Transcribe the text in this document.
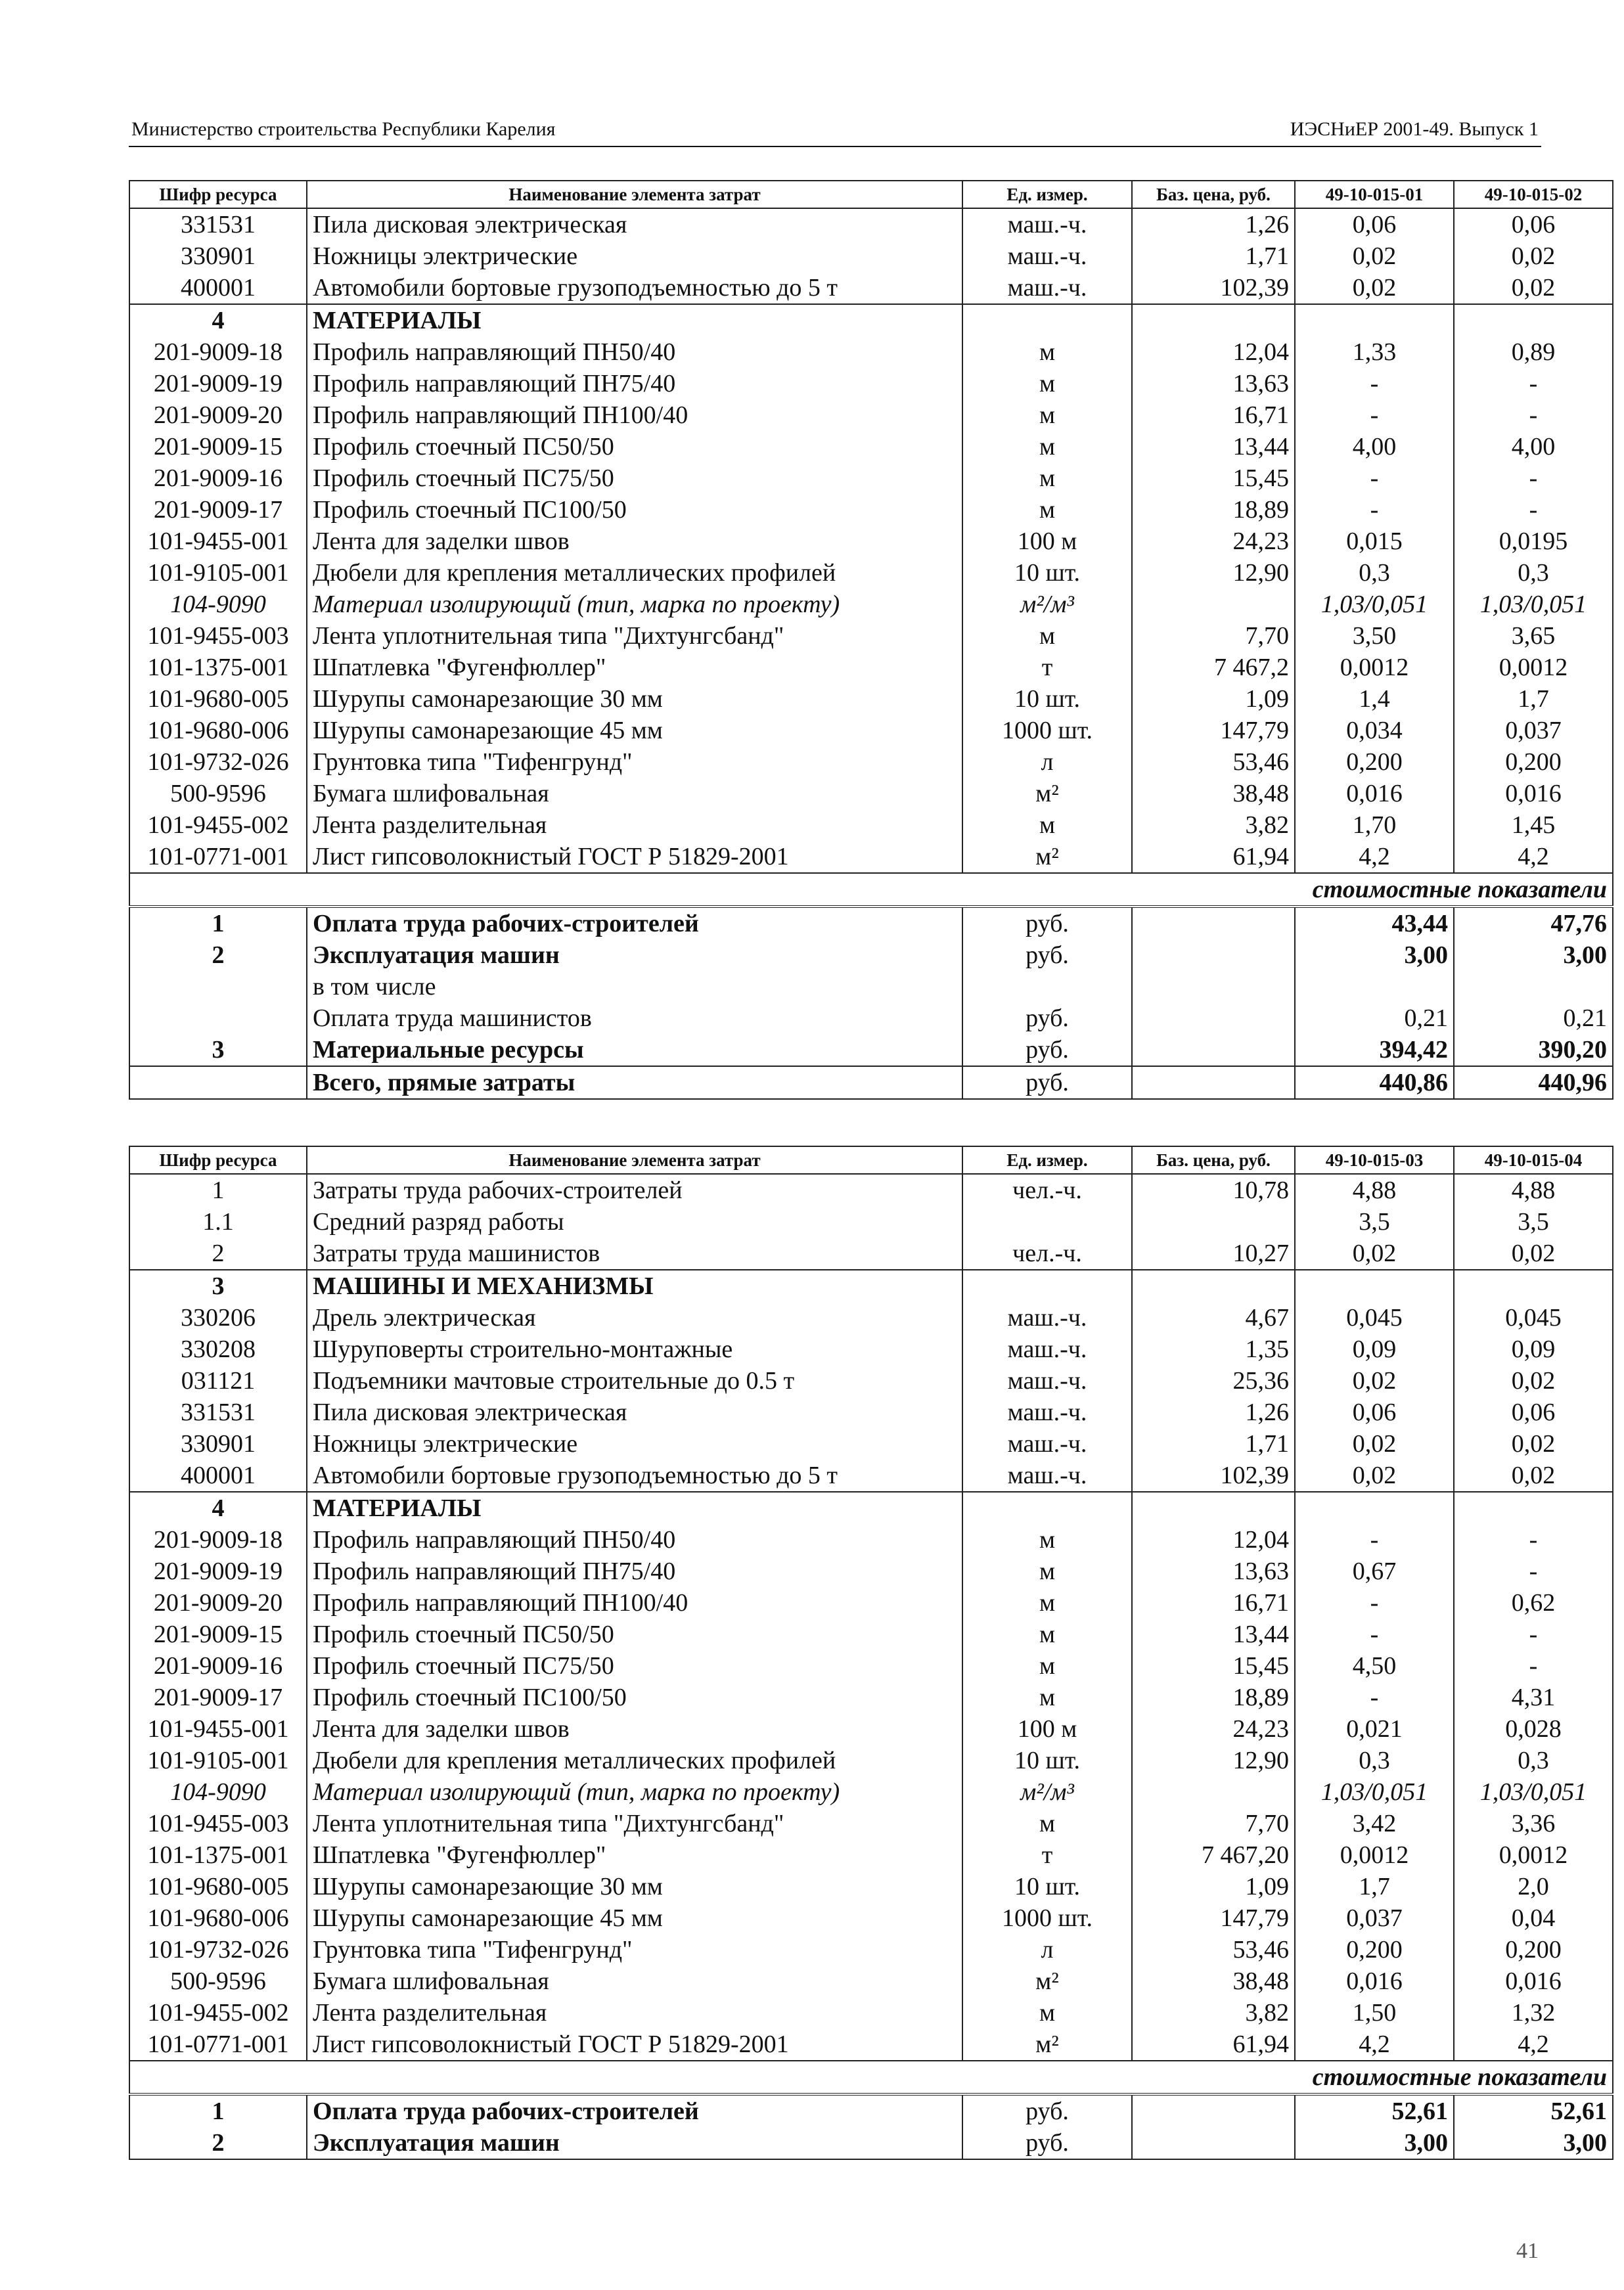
Министерство строительства Республики Карелия	ИЭСНиЕР 2001-49. Выпуск 1
Шифр ресурса	Наименование элемента затрат	Ед. измер.	Баз. цена, руб.	49-10-015-01	49-10-015-02
331531	Пила дисковая электрическая	маш.-ч.	1,26	0,06	0,06
330901	Ножницы электрические	маш.-ч.	1,71	0,02	0,02
400001	Автомобили бортовые грузоподъемностью до 5 т	маш.-ч.	102,39	0,02	0,02
4	МАТЕРИАЛЫ				
201-9009-18	Профиль направляющий ПН50/40	м	12,04	1,33	0,89
201-9009-19	Профиль направляющий ПН75/40	м	13,63	-	-
201-9009-20	Профиль направляющий ПН100/40	м	16,71	-	-
201-9009-15	Профиль стоечный ПС50/50	м	13,44	4,00	4,00
201-9009-16	Профиль стоечный ПС75/50	м	15,45	-	-
201-9009-17	Профиль стоечный ПС100/50	м	18,89	-	-
101-9455-001	Лента для заделки швов	100 м	24,23	0,015	0,0195
101-9105-001	Дюбели для крепления металлических профилей	10 шт.	12,90	0,3	0,3
104-9090	Материал изолирующий (тип, марка по проекту)	м²/м³		1,03/0,051	1,03/0,051
101-9455-003	Лента уплотнительная типа "Дихтунгсбанд"	м	7,70	3,50	3,65
101-1375-001	Шпатлевка "Фугенфюллер"	т	7 467,2	0,0012	0,0012
101-9680-005	Шурупы самонарезающие 30 мм	10 шт.	1,09	1,4	1,7
101-9680-006	Шурупы самонарезающие 45 мм	1000 шт.	147,79	0,034	0,037
101-9732-026	Грунтовка типа "Тифенгрунд"	л	53,46	0,200	0,200
500-9596	Бумага шлифовальная	м²	38,48	0,016	0,016
101-9455-002	Лента разделительная	м	3,82	1,70	1,45
101-0771-001	Лист гипсоволокнистый ГОСТ Р 51829-2001	м²	61,94	4,2	4,2
стоимостные показатели					
1	Оплата труда рабочих-строителей	руб.		43,44	47,76
2	Эксплуатация машин	руб.		3,00	3,00
	в том числе				
	Оплата труда машинистов	руб.		0,21	0,21
3	Материальные ресурсы	руб.		394,42	390,20
	Всего, прямые затраты	руб.		440,86	440,96
Шифр ресурса	Наименование элемента затрат	Ед. измер.	Баз. цена, руб.	49-10-015-03	49-10-015-04
1	Затраты труда рабочих-строителей	чел.-ч.	10,78	4,88	4,88
1.1	Средний разряд работы			3,5	3,5
2	Затраты труда машинистов	чел.-ч.	10,27	0,02	0,02
3	МАШИНЫ И МЕХАНИЗМЫ				
330206	Дрель электрическая	маш.-ч.	4,67	0,045	0,045
330208	Шуруповерты строительно-монтажные	маш.-ч.	1,35	0,09	0,09
031121	Подъемники мачтовые строительные до 0.5 т	маш.-ч.	25,36	0,02	0,02
331531	Пила дисковая электрическая	маш.-ч.	1,26	0,06	0,06
330901	Ножницы электрические	маш.-ч.	1,71	0,02	0,02
400001	Автомобили бортовые грузоподъемностью до 5 т	маш.-ч.	102,39	0,02	0,02
4	МАТЕРИАЛЫ				
201-9009-18	Профиль направляющий ПН50/40	м	12,04	-	-
201-9009-19	Профиль направляющий ПН75/40	м	13,63	0,67	-
201-9009-20	Профиль направляющий ПН100/40	м	16,71	-	0,62
201-9009-15	Профиль стоечный ПС50/50	м	13,44	-	-
201-9009-16	Профиль стоечный ПС75/50	м	15,45	4,50	-
201-9009-17	Профиль стоечный ПС100/50	м	18,89	-	4,31
101-9455-001	Лента для заделки швов	100 м	24,23	0,021	0,028
101-9105-001	Дюбели для крепления металлических профилей	10 шт.	12,90	0,3	0,3
104-9090	Материал изолирующий (тип, марка по проекту)	м²/м³		1,03/0,051	1,03/0,051
101-9455-003	Лента уплотнительная типа "Дихтунгсбанд"	м	7,70	3,42	3,36
101-1375-001	Шпатлевка "Фугенфюллер"	т	7 467,20	0,0012	0,0012
101-9680-005	Шурупы самонарезающие 30 мм	10 шт.	1,09	1,7	2,0
101-9680-006	Шурупы самонарезающие 45 мм	1000 шт.	147,79	0,037	0,04
101-9732-026	Грунтовка типа "Тифенгрунд"	л	53,46	0,200	0,200
500-9596	Бумага шлифовальная	м²	38,48	0,016	0,016
101-9455-002	Лента разделительная	м	3,82	1,50	1,32
101-0771-001	Лист гипсоволокнистый ГОСТ Р 51829-2001	м²	61,94	4,2	4,2
стоимостные показатели					
1	Оплата труда рабочих-строителей	руб.		52,61	52,61
2	Эксплуатация машин	руб.		3,00	3,00
41
